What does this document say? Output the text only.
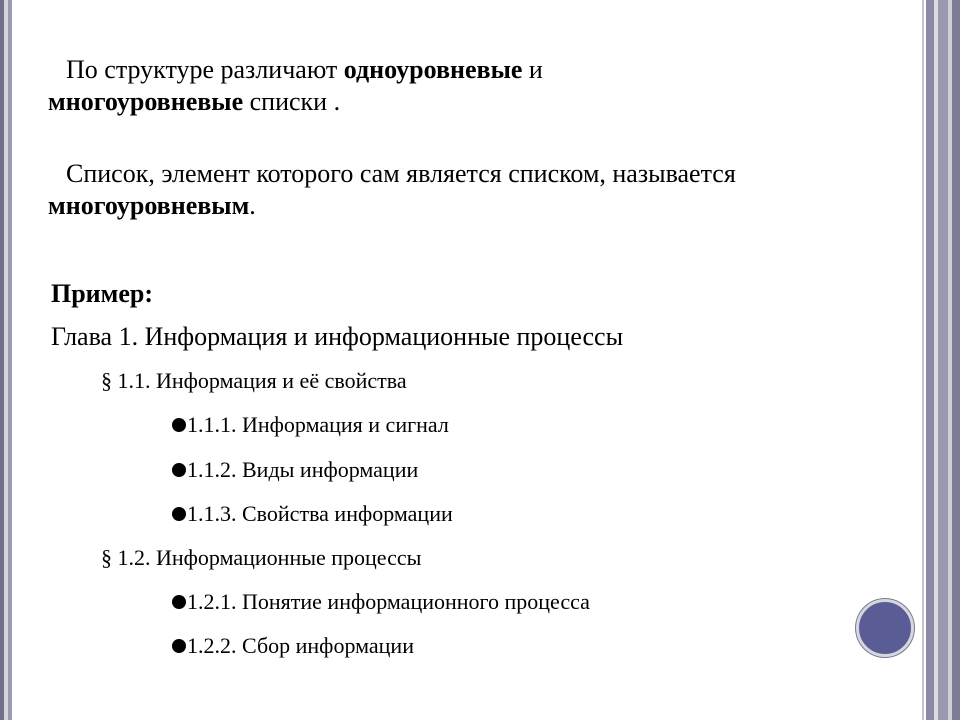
По структуре различают одноуровневые и
многоуровневые списки .
Список, элемент которого сам является списком, называется многоуровневым.
Пример:
Глава 1. Информация и информационные процессы
§ 1.1. Информация и её свойства
1.1.1. Информация и сигнал
1.1.2. Виды информации
1.1.3. Свойства информации
§ 1.2. Информационные процессы
1.2.1. Понятие информационного процесса
1.2.2. Сбор информации
